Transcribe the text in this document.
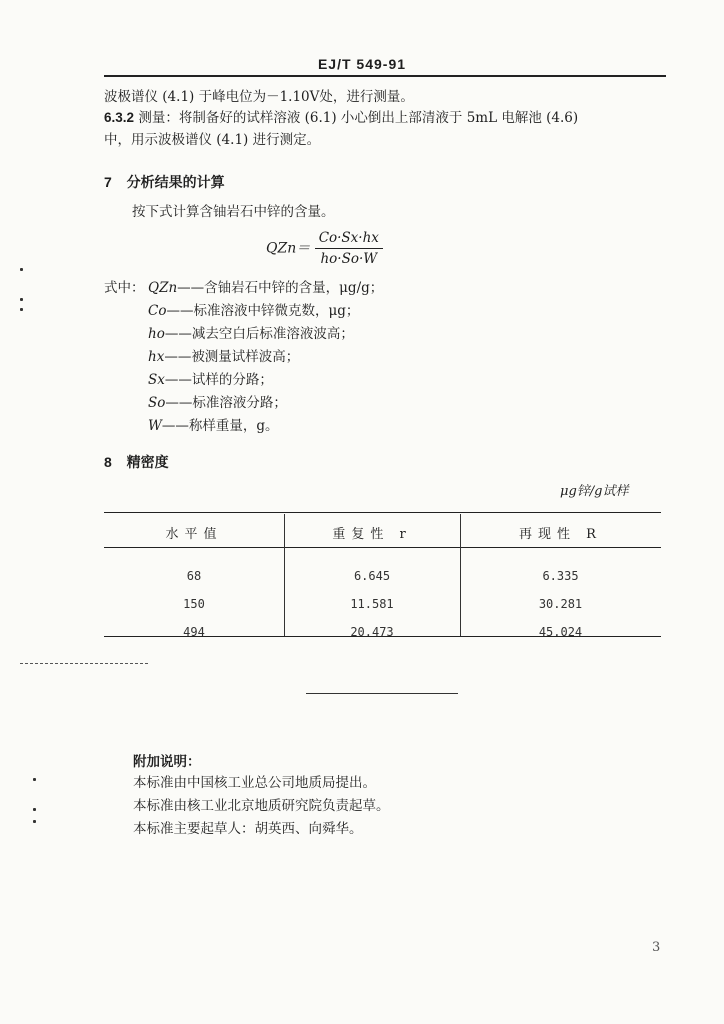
EJ/T 549-91
波极谱仪 (4.1) 于峰电位为－1.10V处，进行测量。
6.3.2 测量：将制备好的试样溶液 (6.1) 小心倒出上部清液于 5mL 电解池 (4.6)
中，用示波极谱仪 (4.1) 进行测定。
7 分析结果的计算
按下式计算含铀岩石中锌的含量。
$QZn= \frac{Co\cdot Sx\cdot hx}{ho\cdot So\cdot W}$
式中： QZn——含铀岩石中锌的含量，μg/g；
Co——标准溶液中锌微克数，μg；
ho——减去空白后标准溶液波高；
hx——被测量试样波高；
Sx——试样的分路；
So——标准溶液分路；
W——称样重量，g。
8 精密度
μg锌/g试样
水平值	重复性 r	再现性 R

68	6.645	6.335
150	11.581	30.281
494	20.473	45.024
附加说明：
本标准由中国核工业总公司地质局提出。
本标准由核工业北京地质研究院负责起草。
本标准主要起草人：胡英西、向舜华。
3
